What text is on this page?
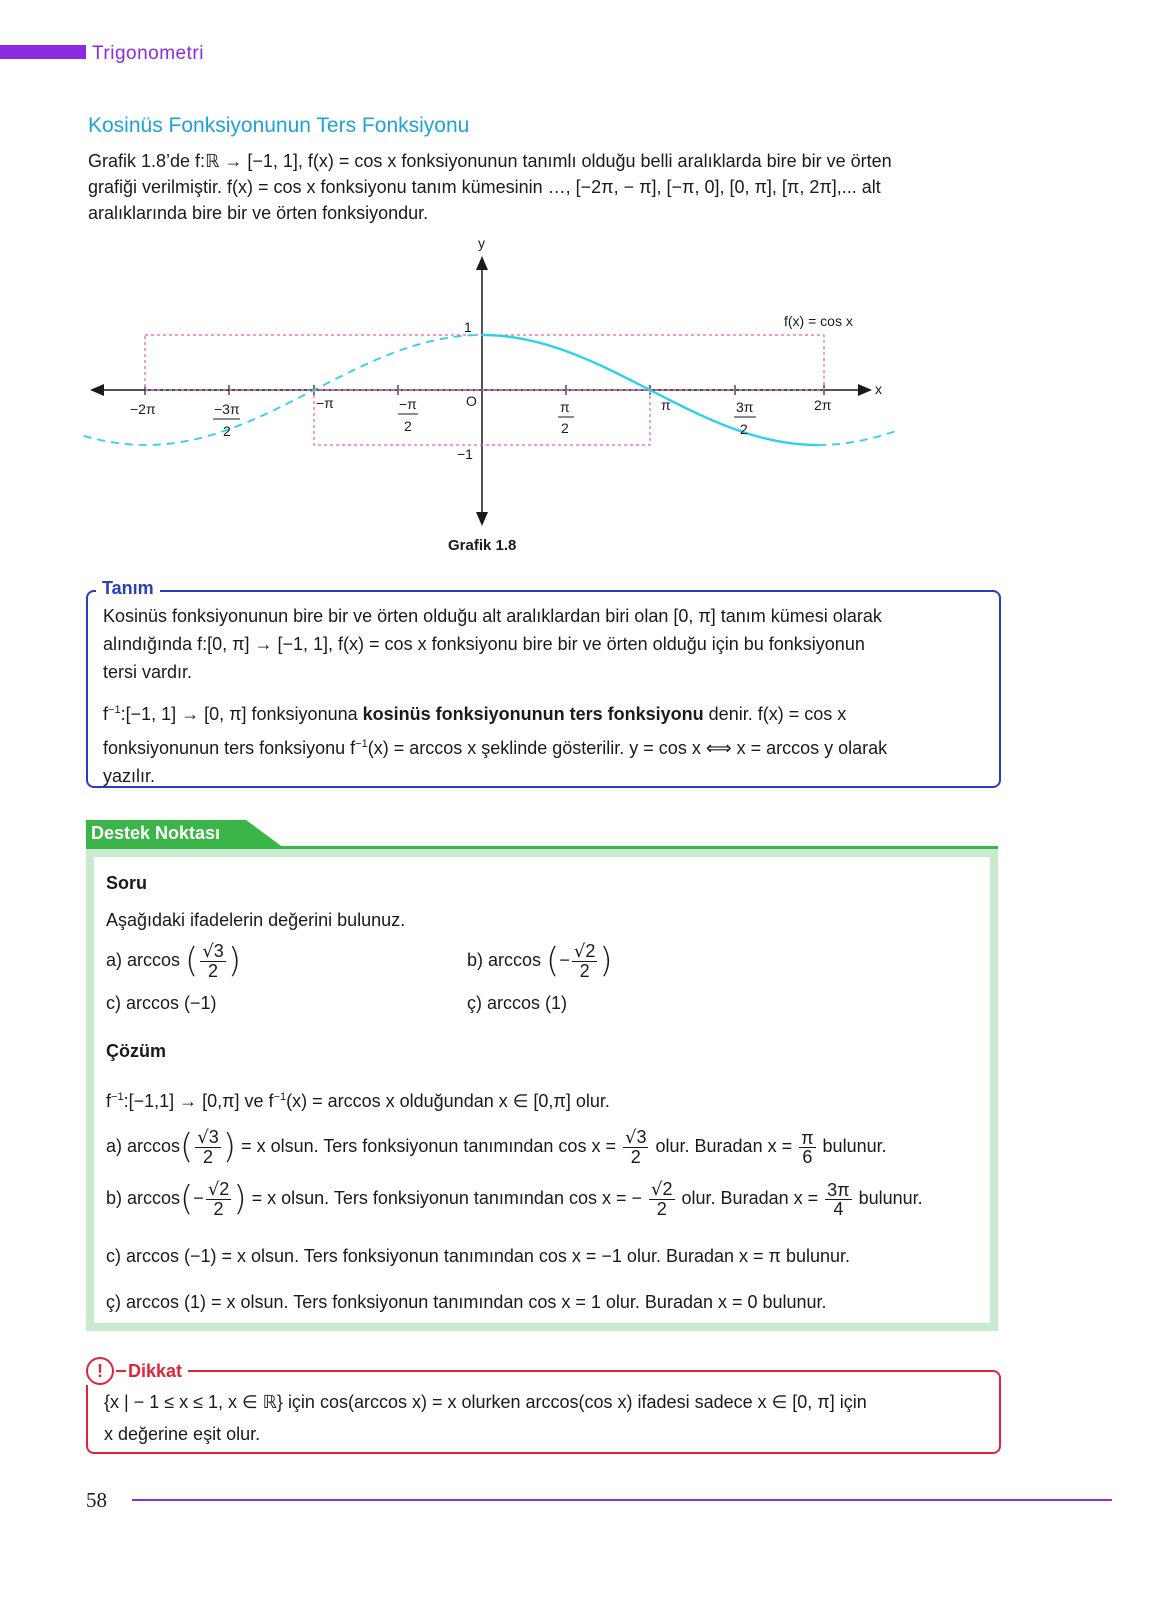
Trigonometri
Kosinüs Fonksiyonunun Ters Fonksiyonu
Grafik 1.8’de f:ℝ → [−1, 1], f(x) = cos x fonksiyonunun tanımlı olduğu belli aralıklarda bire bir ve örten
grafiği verilmiştir. f(x) = cos x fonksiyonu tanım kümesinin …, [−2π, − π], [−π, 0], [0, π], [π, 2π],... alt
aralıklarında bire bir ve örten fonksiyondur.
y
x
O
1
−1
f(x) = cos x
−2π	−3π
2
−π	−π
2
π
2
π	3π
2
2π
Grafik 1.8
Tanım
Kosinüs fonksiyonunun bire bir ve örten olduğu alt aralıklardan biri olan [0, π] tanım kümesi olarak
alındığında f:[0, π] → [−1, 1], f(x) = cos x fonksiyonu bire bir ve örten olduğu için bu fonksiyonun
tersi vardır.
$f^{-1}:[-1$, 1] → [0, π] fonksiyonuna kosinüs fonksiyonunun ters fonksiyonu denir. f(x) = cos x
fonksiyonunun ters fonksiyonu $f^{-1}(x) = \arccos x$ şeklinde gösterilir. y = cos x ⟺ x = arccos y olarak
yazılır.
Destek Noktası
Soru
Aşağıdaki ifadelerin değerini bulunuz.
a) arccos ( $\frac{√3}{2}$ )	b) arccos (− $\frac{√2}{2}$ )
c) arccos (−1)	ç) arccos (1)
Çözüm
$f^{-1}:[-1,1] \to [0,\pi]$ ve $f^{-1}(x) = \arccos x$ olduğundan x ∈ [0,π] olur.
a) $\arccos( \frac{√3}{2}$ ) = x olsun. Ters fonksiyonun tanımından $\cos x = \frac{√3}{2}$ olur. Buradan $x = \frac{\pi}{6}$ bulunur.
b) $\arccos(- \frac{√2}{2}$ ) = x olsun. Ters fonksiyonun tanımından cos x = − $\frac{√2}{2}$ olur. Buradan $x = \frac{3\pi}{4}$ bulunur.
c) arccos (−1) = x olsun. Ters fonksiyonun tanımından cos x = −1 olur. Buradan x = π bulunur.
ç) arccos (1) = x olsun. Ters fonksiyonun tanımından cos x = 1 olur. Buradan x = 0 bulunur.
!	Dikkat
{x | − 1 ≤ x ≤ 1, x ∈ ℝ} için cos(arccos x) = x olurken arccos(cos x) ifadesi sadece x ∈ [0, π] için
x değerine eşit olur.
58
